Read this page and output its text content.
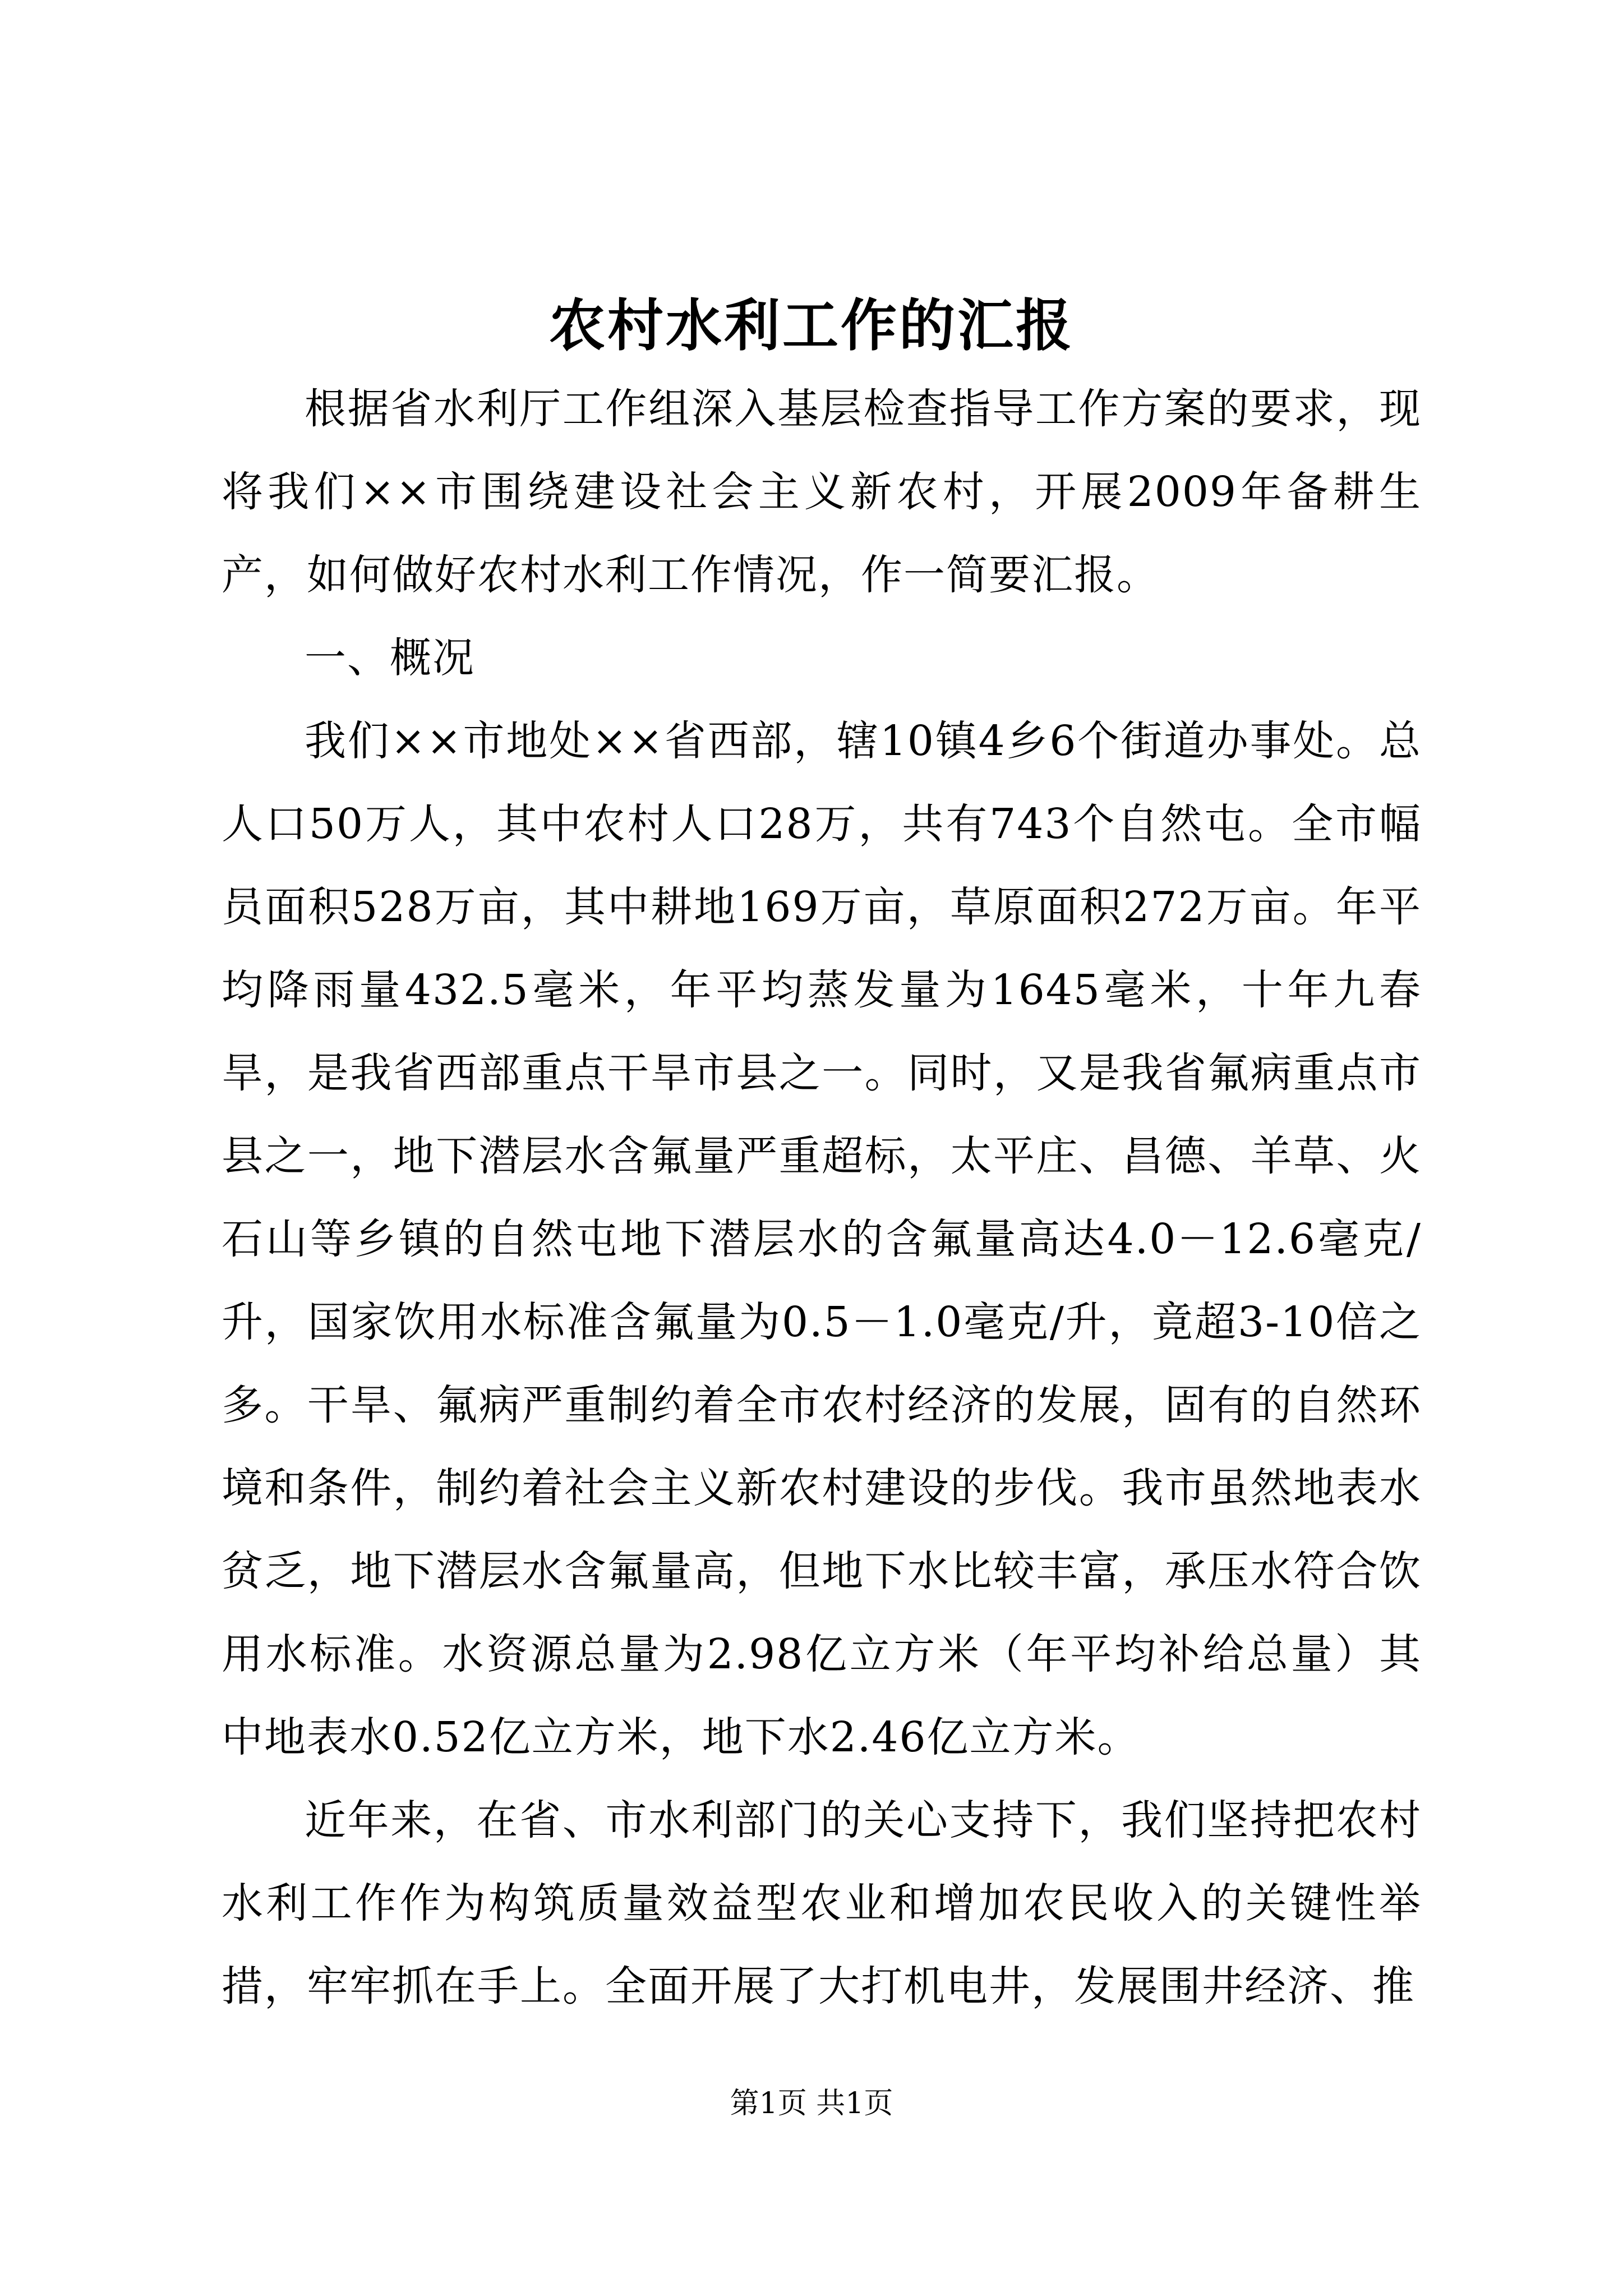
农村水利工作的汇报

根据省水利厅工作组深入基层检查指导工作方案的要求，现将我们××市围绕建设社会主义新农村，开展2009年备耕生产，如何做好农村水利工作情况，作一简要汇报。

一、概况

我们××市地处××省西部，辖10镇4乡6个街道办事处。总人口50万人，其中农村人口28万，共有743个自然屯。全市幅员面积528万亩，其中耕地169万亩，草原面积272万亩。年平均降雨量432.5毫米，年平均蒸发量为1645毫米，十年九春旱，是我省西部重点干旱市县之一。同时，又是我省氟病重点市县之一，地下潜层水含氟量严重超标，太平庄、昌德、羊草、火石山等乡镇的自然屯地下潜层水的含氟量高达4.0－12.6毫克/升，国家饮用水标准含氟量为0.5－1.0毫克/升，竟超3-10倍之多。干旱、氟病严重制约着全市农村经济的发展，固有的自然环境和条件，制约着社会主义新农村建设的步伐。我市虽然地表水贫乏，地下潜层水含氟量高，但地下水比较丰富，承压水符合饮用水标准。水资源总量为2.98亿立方米（年平均补给总量）其中地表水0.52亿立方米，地下水2.46亿立方米。

近年来，在省、市水利部门的关心支持下，我们坚持把农村水利工作作为构筑质量效益型农业和增加农民收入的关键性举措，牢牢抓在手上。全面开展了大打机电井，发展围井经济、推

第1页 共1页
